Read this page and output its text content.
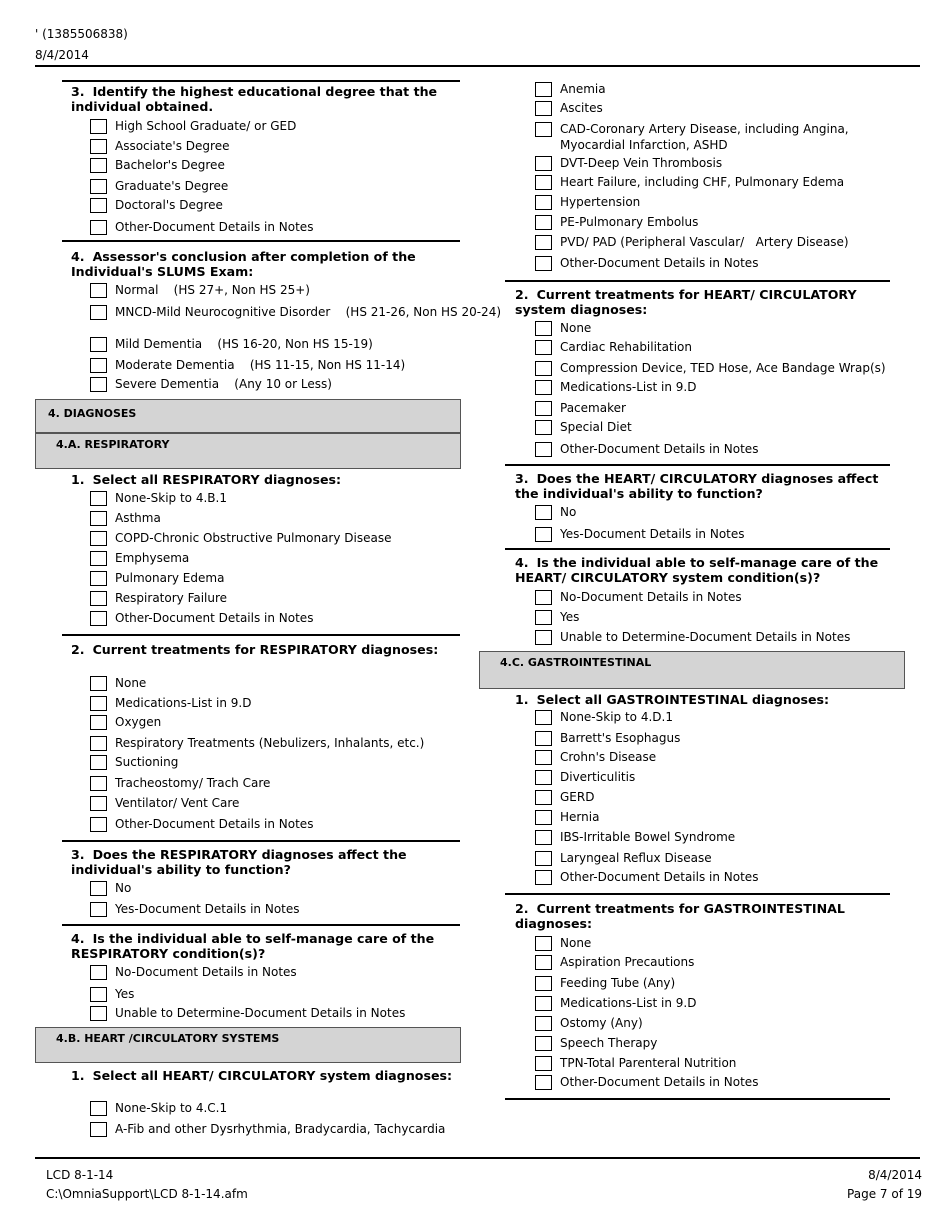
' (1385506838)
8/4/2014
3. Identify the highest educational degree that the individual obtained.
4. Assessor's conclusion after completion of the Individual's SLUMS Exam:
4. DIAGNOSES
4.A. RESPIRATORY
1. Select all RESPIRATORY diagnoses:
2. Current treatments for RESPIRATORY diagnoses:
3. Does the RESPIRATORY diagnoses affect the individual's ability to function?
4. Is the individual able to self-manage care of the RESPIRATORY condition(s)?
4.B. HEART /CIRCULATORY SYSTEMS
1. Select all HEART/ CIRCULATORY system diagnoses:
2. Current treatments for HEART/ CIRCULATORY system diagnoses:
3. Does the HEART/ CIRCULATORY diagnoses affect the individual's ability to function?
4. Is the individual able to self-manage care of the HEART/ CIRCULATORY system condition(s)?
4.C. GASTROINTESTINAL
1. Select all GASTROINTESTINAL diagnoses:
2. Current treatments for GASTROINTESTINAL diagnoses:
LCD 8-1-14
C:\OmniaSupport\LCD 8-1-14.afm
8/4/2014
Page 7 of 19
High School Graduate/ or GED
Associate's Degree
Bachelor's Degree
Graduate's Degree
Doctoral's Degree
Other-Document Details in Notes
Normal    (HS 27+, Non HS 25+)
MNCD-Mild Neurocognitive Disorder    (HS 21-26, Non HS 20-24)
Mild Dementia    (HS 16-20, Non HS 15-19)
Moderate Dementia    (HS 11-15, Non HS 11-14)
Severe Dementia    (Any 10 or Less)
None-Skip to 4.B.1
Asthma
COPD-Chronic Obstructive Pulmonary Disease
Emphysema
Pulmonary Edema
Respiratory Failure
Other-Document Details in Notes
None
Medications-List in 9.D
Oxygen
Respiratory Treatments (Nebulizers, Inhalants, etc.)
Suctioning
Tracheostomy/ Trach Care
Ventilator/ Vent Care
Other-Document Details in Notes
No
Yes-Document Details in Notes
No-Document Details in Notes
Yes
Unable to Determine-Document Details in Notes
None-Skip to 4.C.1
A-Fib and other Dysrhythmia, Bradycardia, Tachycardia
Anemia
Ascites
CAD-Coronary Artery Disease, including Angina, Myocardial Infarction, ASHD
DVT-Deep Vein Thrombosis
Heart Failure, including CHF, Pulmonary Edema
Hypertension
PE-Pulmonary Embolus
PVD/ PAD (Peripheral Vascular/   Artery Disease)
Other-Document Details in Notes
None
Cardiac Rehabilitation
Compression Device, TED Hose, Ace Bandage Wrap(s)
Medications-List in 9.D
Pacemaker
Special Diet
Other-Document Details in Notes
No
Yes-Document Details in Notes
No-Document Details in Notes
Yes
Unable to Determine-Document Details in Notes
None-Skip to 4.D.1
Barrett's Esophagus
Crohn's Disease
Diverticulitis
GERD
Hernia
IBS-Irritable Bowel Syndrome
Laryngeal Reflux Disease
Other-Document Details in Notes
None
Aspiration Precautions
Feeding Tube (Any)
Medications-List in 9.D
Ostomy (Any)
Speech Therapy
TPN-Total Parenteral Nutrition
Other-Document Details in Notes
